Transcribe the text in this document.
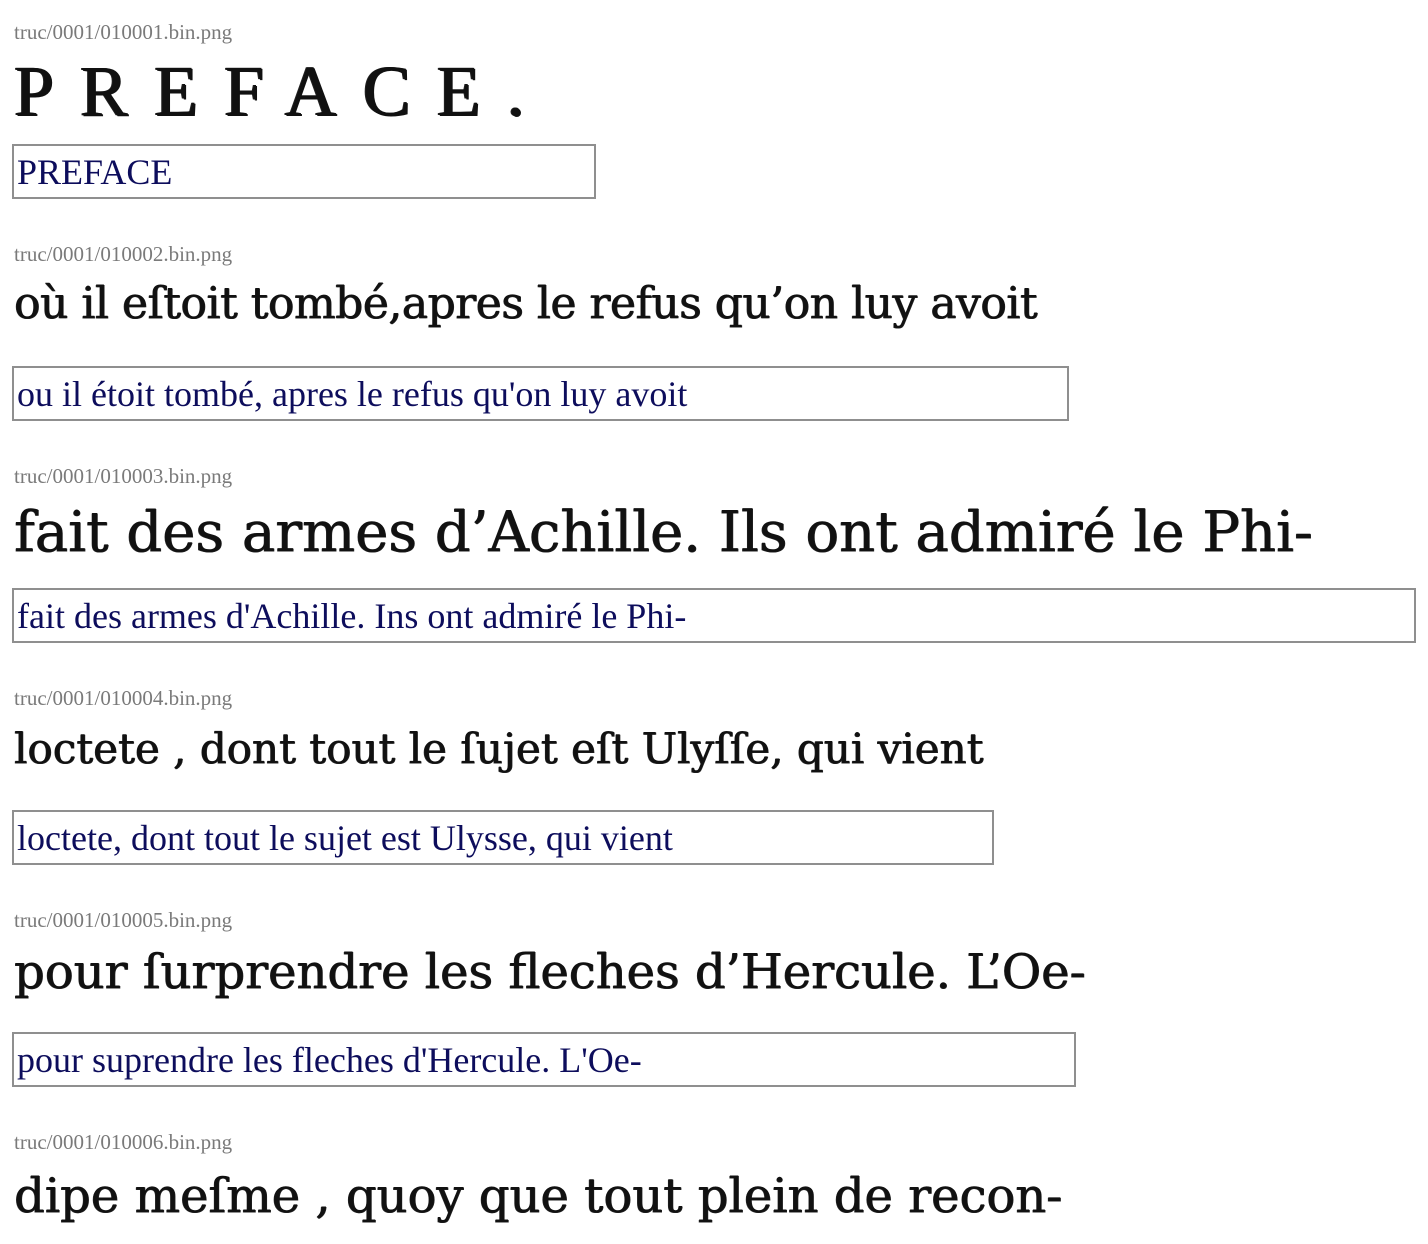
truc/0001/010001.bin.png
PREFACE.
PREFACE
truc/0001/010002.bin.png
où il eſtoit tombé,apres le refus qu’on luy avoit
ou il étoit tombé, apres le refus qu'on luy avoit
truc/0001/010003.bin.png
fait des armes d’Achille. Ils ont admiré le Phi-
fait des armes d'Achille. Ins ont admiré le Phi-
truc/0001/010004.bin.png
loctete , dont tout le ſujet eſt Ulyſſe, qui vient
loctete, dont tout le sujet est Ulysse, qui vient
truc/0001/010005.bin.png
pour ſurprendre les fleches d’Hercule. L’Oe-
pour suprendre les fleches d'Hercule. L'Oe-
truc/0001/010006.bin.png
dipe meſme , quoy que tout plein de recon-
